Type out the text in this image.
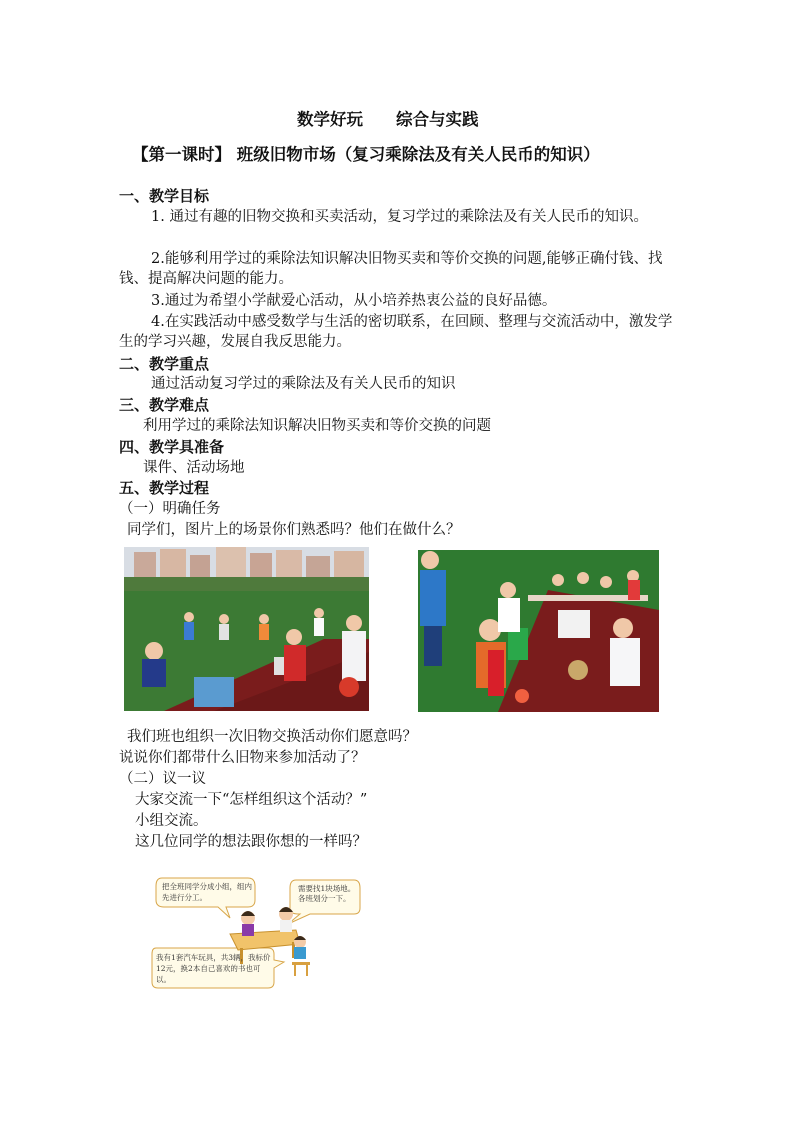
数学好玩　　综合与实践
【第一课时】 班级旧物市场（复习乘除法及有关人民币的知识）
一、教学目标
1. 通过有趣的旧物交换和买卖活动，复习学过的乘除法及有关人民币的知识。
2.能够利用学过的乘除法知识解决旧物买卖和等价交换的问题,能够正确付钱、找钱、提高解决问题的能力。
3.通过为希望小学献爱心活动，从小培养热衷公益的良好品德。
4.在实践活动中感受数学与生活的密切联系，在回顾、整理与交流活动中，激发学生的学习兴趣，发展自我反思能力。
二、教学重点
通过活动复习学过的乘除法及有关人民币的知识
三、教学难点
利用学过的乘除法知识解决旧物买卖和等价交换的问题
四、教学具准备
课件、活动场地
五、教学过程
（一）明确任务
同学们，图片上的场景你们熟悉吗？他们在做什么？
我们班也组织一次旧物交换活动你们愿意吗？
说说你们都带什么旧物来参加活动了？
（二）议一议
大家交流一下“怎样组织这个活动？”
小组交流。
这几位同学的想法跟你想的一样吗？
把全班同学分成小组，组内先进行分工。
需要找1块场地。各班划分一下。
我有1套汽车玩具，共3辆，我标价12元，换2本自己喜欢的书也可以。
